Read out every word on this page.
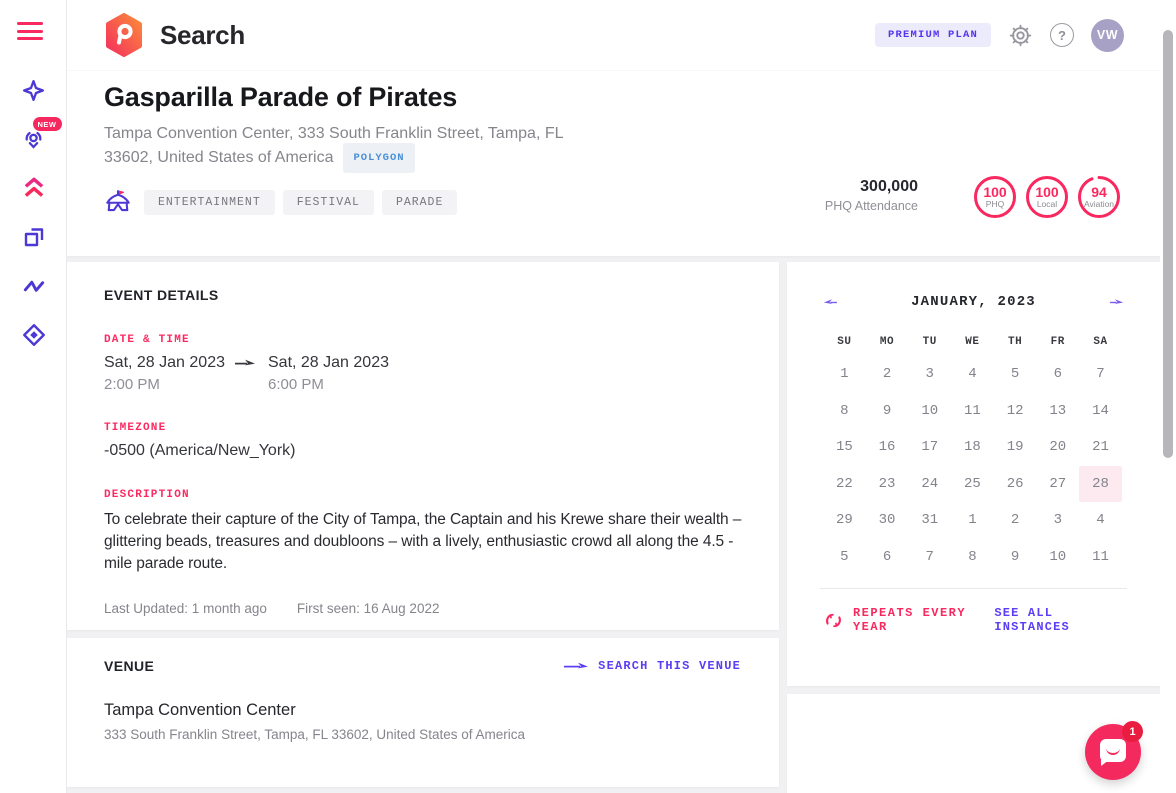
NEW
Search	PREMIUM PLAN	?	VW
Gasparilla Parade of Pirates
Tampa Convention Center, 333 South Franklin Street, Tampa, FL 33602, United States of America POLYGON
ENTERTAINMENT	FESTIVAL	PARADE
300,000
PHQ Attendance
100
PHQ
100
Local
94
Aviation
EVENT DETAILS
DATE & TIME
Sat, 28 Jan 2023	Sat, 28 Jan 2023
2:00 PM	6:00 PM
TIMEZONE
-0500 (America/New_York)
DESCRIPTION

To celebrate their capture of the City of Tampa, the Captain and his Krewe share their wealth – glittering beads, treasures and doubloons – with a lively, enthusiastic crowd all along the 4.5 - mile parade route.

Last Updated: 1 month ago First seen: 16 Aug 2022
JANUARY, 2023
SU	MO	TU	WE	TH	FR	SA
1	2	3	4	5	6	7
8	9	10	11	12	13	14
15	16	17	18	19	20	21
22	23	24	25	26	27	28
29	30	31	1	2	3	4
5	6	7	8	9	10	11
REPEATS EVERY YEAR
SEE ALL INSTANCES
VENUE	SEARCH THIS VENUE
Tampa Convention Center
333 South Franklin Street, Tampa, FL 33602, United States of America	1
